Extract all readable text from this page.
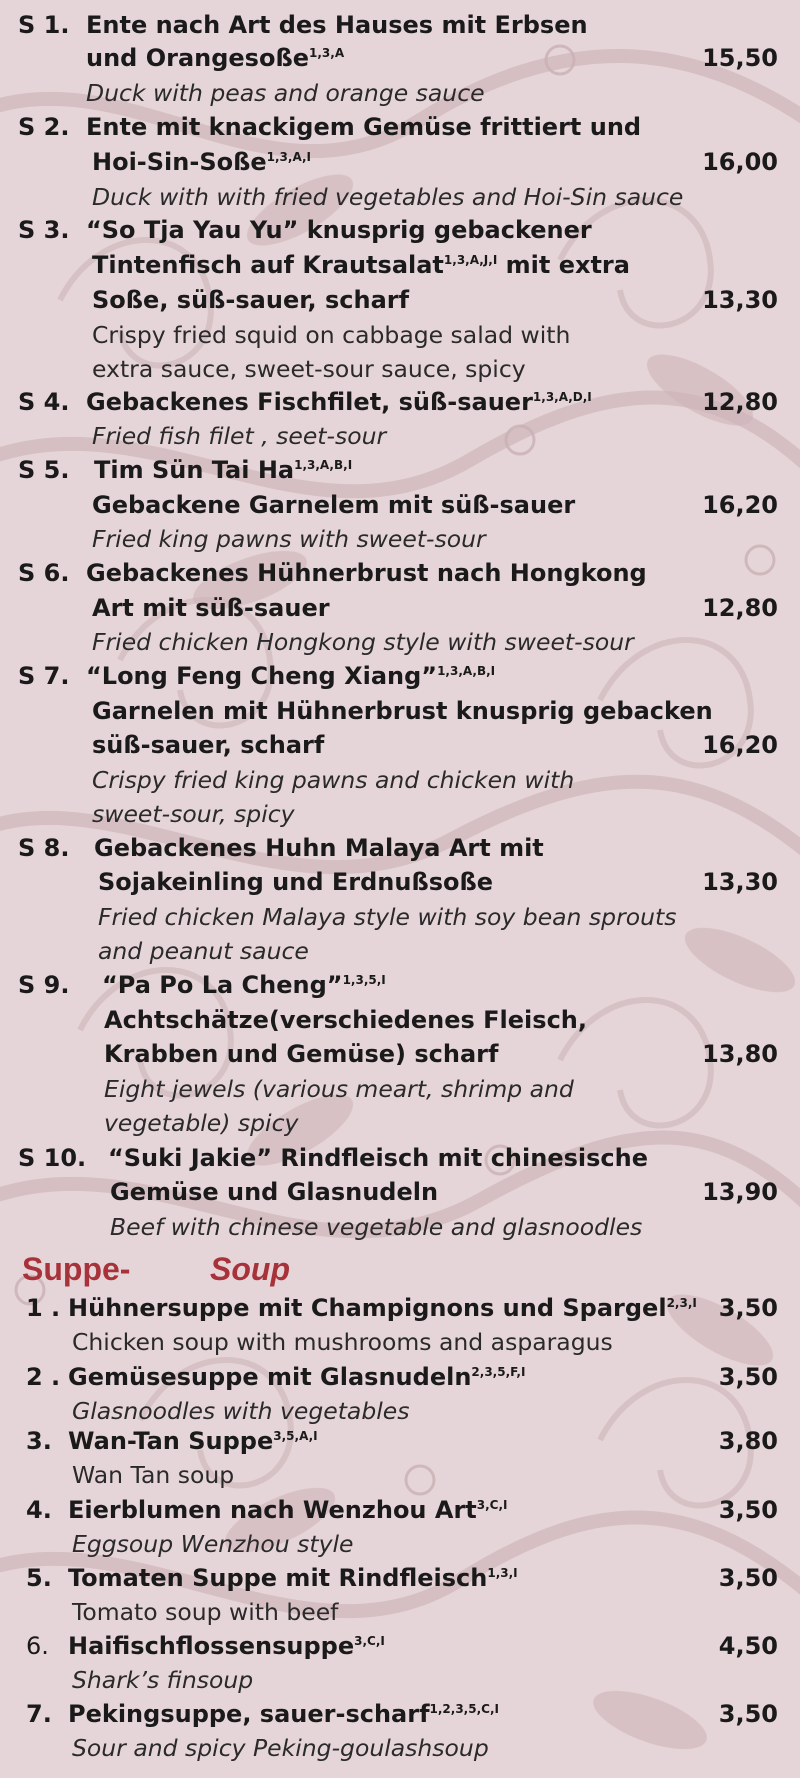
S 1. Ente nach Art des Hauses mit Erbsen
und Orangesoße$^{1,3,A}$	15,50
Duck with peas and orange sauce
S 2. Ente mit knackigem Gemüse frittiert und
Hoi-Sin-Soße$^{1,3,A,I}$	16,00
Duck with with fried vegetables and Hoi-Sin sauce
S 3. “So Tja Yau Yu” knusprig gebackener
Tintenfisch auf Krautsalat$^{1,3,A,J,I}$ mit extra
Soße, süß-sauer, scharf	13,30
Crispy fried squid on cabbage salad with
extra sauce, sweet-sour sauce, spicy
S 4. Gebackenes Fischfilet, süß-sauer$^{1,3,A,D,I}$	12,80
Fried fish filet , seet-sour
S 5. Tim Sün Tai $Ha^{1,3,A,B,I}$
Gebackene Garnelem mit süß-sauer	16,20
Fried king pawns with sweet-sour
S 6. Gebackenes Hühnerbrust nach Hongkong
Art mit süß-sauer	12,80
Fried chicken Hongkong style with sweet-sour
S 7. “Long Feng Cheng Xiang”$^{1,3,A,B,I}$
Garnelen mit Hühnerbrust knusprig gebacken
süß-sauer, scharf	16,20
Crispy fried king pawns and chicken with
sweet-sour, spicy
S 8. Gebackenes Huhn Malaya Art mit
Sojakeinling und Erdnußsoße	13,30
Fried chicken Malaya style with soy bean sprouts
and peanut sauce
S 9. “Pa Po La Cheng”$^{1,3,5,I}$
Achtschätze(verschiedenes Fleisch,
Krabben und Gemüse) scharf	13,80
Eight jewels (various meart, shrimp and
vegetable) spicy
S 10. “Suki Jakie” Rindfleisch mit chinesische
Gemüse und Glasnudeln	13,90
Beef with chinese vegetable and glasnoodles
Suppe- Soup
1 . Hühnersuppe mit Champignons und Spargel$^{2,3,I}$ 3,50
Chicken soup with mushrooms and asparagus
2 . Gemüsesuppe mit Glasnudeln$^{2,3,5,F,I}$	3,50
Glasnoodles with vegetables
3. Wan-Tan Suppe$^{3,5,A,I}$	3,80
Wan Tan soup
4. Eierblumen nach Wenzhou Art$^{3,C,I}$	3,50
Eggsoup Wenzhou style
5. Tomaten Suppe mit Rindfleisch$^{1,3,I}$	3,50
Tomato soup with beef
6. Haifischflossensuppe$^{3,C,I}$	4,50
Shark’s finsoup
7. Pekingsuppe, sauer-scharf$^{1,2,3,5,C,I}$	3,50
Sour and spicy Peking-goulashsoup
